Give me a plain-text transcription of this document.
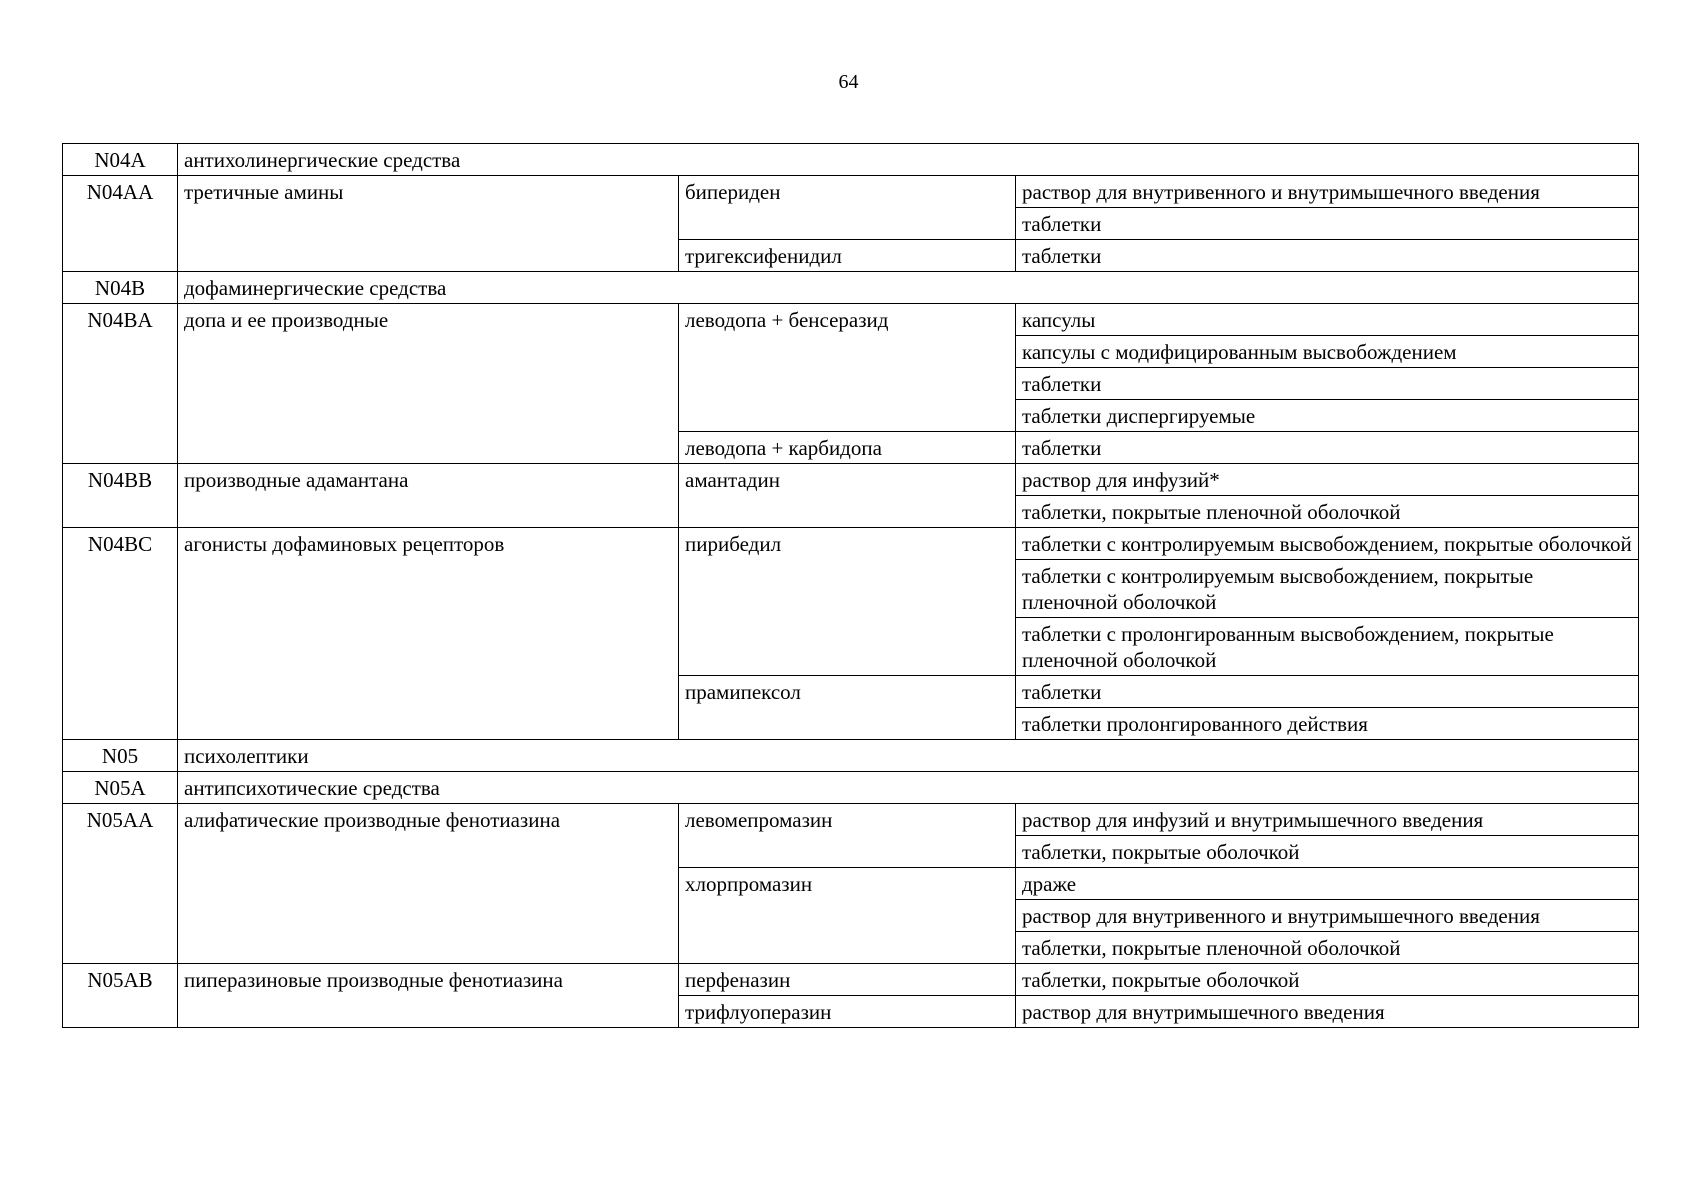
64
N04A	антихолинергические средства		
N04AA	третичные амины	бипериден	раствор для внутривенного и внутримышечного введения
			таблетки
		тригексифенидил	таблетки
N04B	дофаминергические средства		
N04BA	допа и ее производные	леводопа + бенсеразид	капсулы
			капсулы с модифицированным высвобождением
			таблетки
			таблетки диспергируемые
		леводопа + карбидопа	таблетки
N04BB	производные адамантана	амантадин	раствор для инфузий*
			таблетки, покрытые пленочной оболочкой
N04BC	агонисты дофаминовых рецепторов	пирибедил	таблетки с контролируемым высвобождением, покрытые оболочкой
			таблетки с контролируемым высвобождением, покрытые пленочной оболочкой
			таблетки с пролонгированным высвобождением, покрытые пленочной оболочкой
		прамипексол	таблетки
			таблетки пролонгированного действия
N05	психолептики		
N05A	антипсихотические средства		
N05AA	алифатические производные фенотиазина	левомепромазин	раствор для инфузий и внутримышечного введения
			таблетки, покрытые оболочкой
		хлорпромазин	драже
			раствор для внутривенного и внутримышечного введения
			таблетки, покрытые пленочной оболочкой
N05AB	пиперазиновые производные фенотиазина	перфеназин	таблетки, покрытые оболочкой
		трифлуоперазин	раствор для внутримышечного введения
